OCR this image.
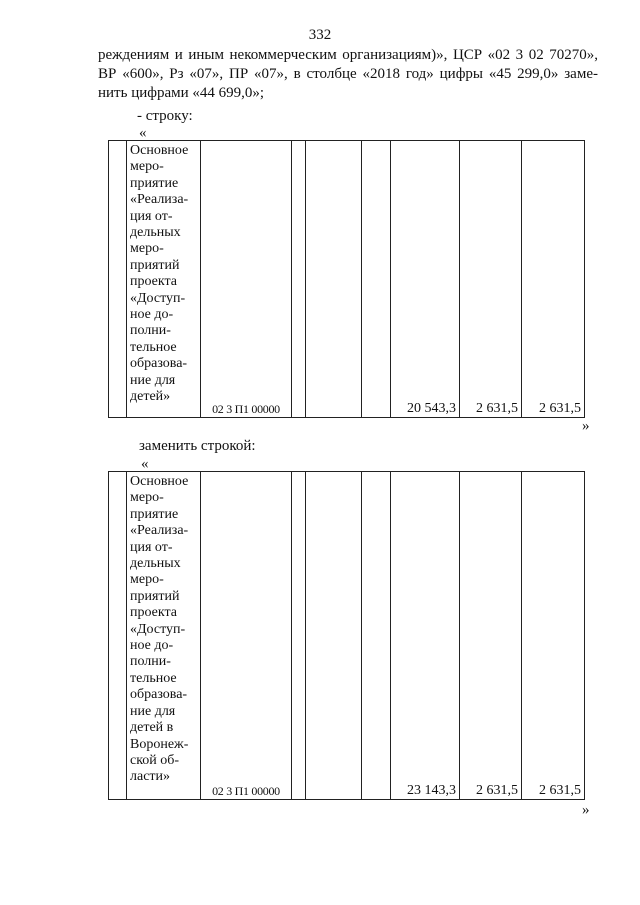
332
реждениям и иным некоммерческим организациям)», ЦСР «02 3 02 70270»,
ВР «600», Рз «07», ПР «07», в столбце «2018 год» цифры «45 299,0» заме-
нить цифрами «44 699,0»;
- строку:
«

Основное
меро-
приятие
«Реализа-
ция от-
дельных
меро-
приятий
проекта
«Доступ-
ное до-
полни-
тельное
образова-
ние для
детей»
	02 3 П1 00000				20 543,3	2 631,5	2 631,5
»
заменить строкой:
«

Основное
меро-
приятие
«Реализа-
ция от-
дельных
меро-
приятий
проекта
«Доступ-
ное до-
полни-
тельное
образова-
ние для
детей в
Воронеж-
ской об-
ласти»
	02 3 П1 00000				23 143,3	2 631,5	2 631,5
»
